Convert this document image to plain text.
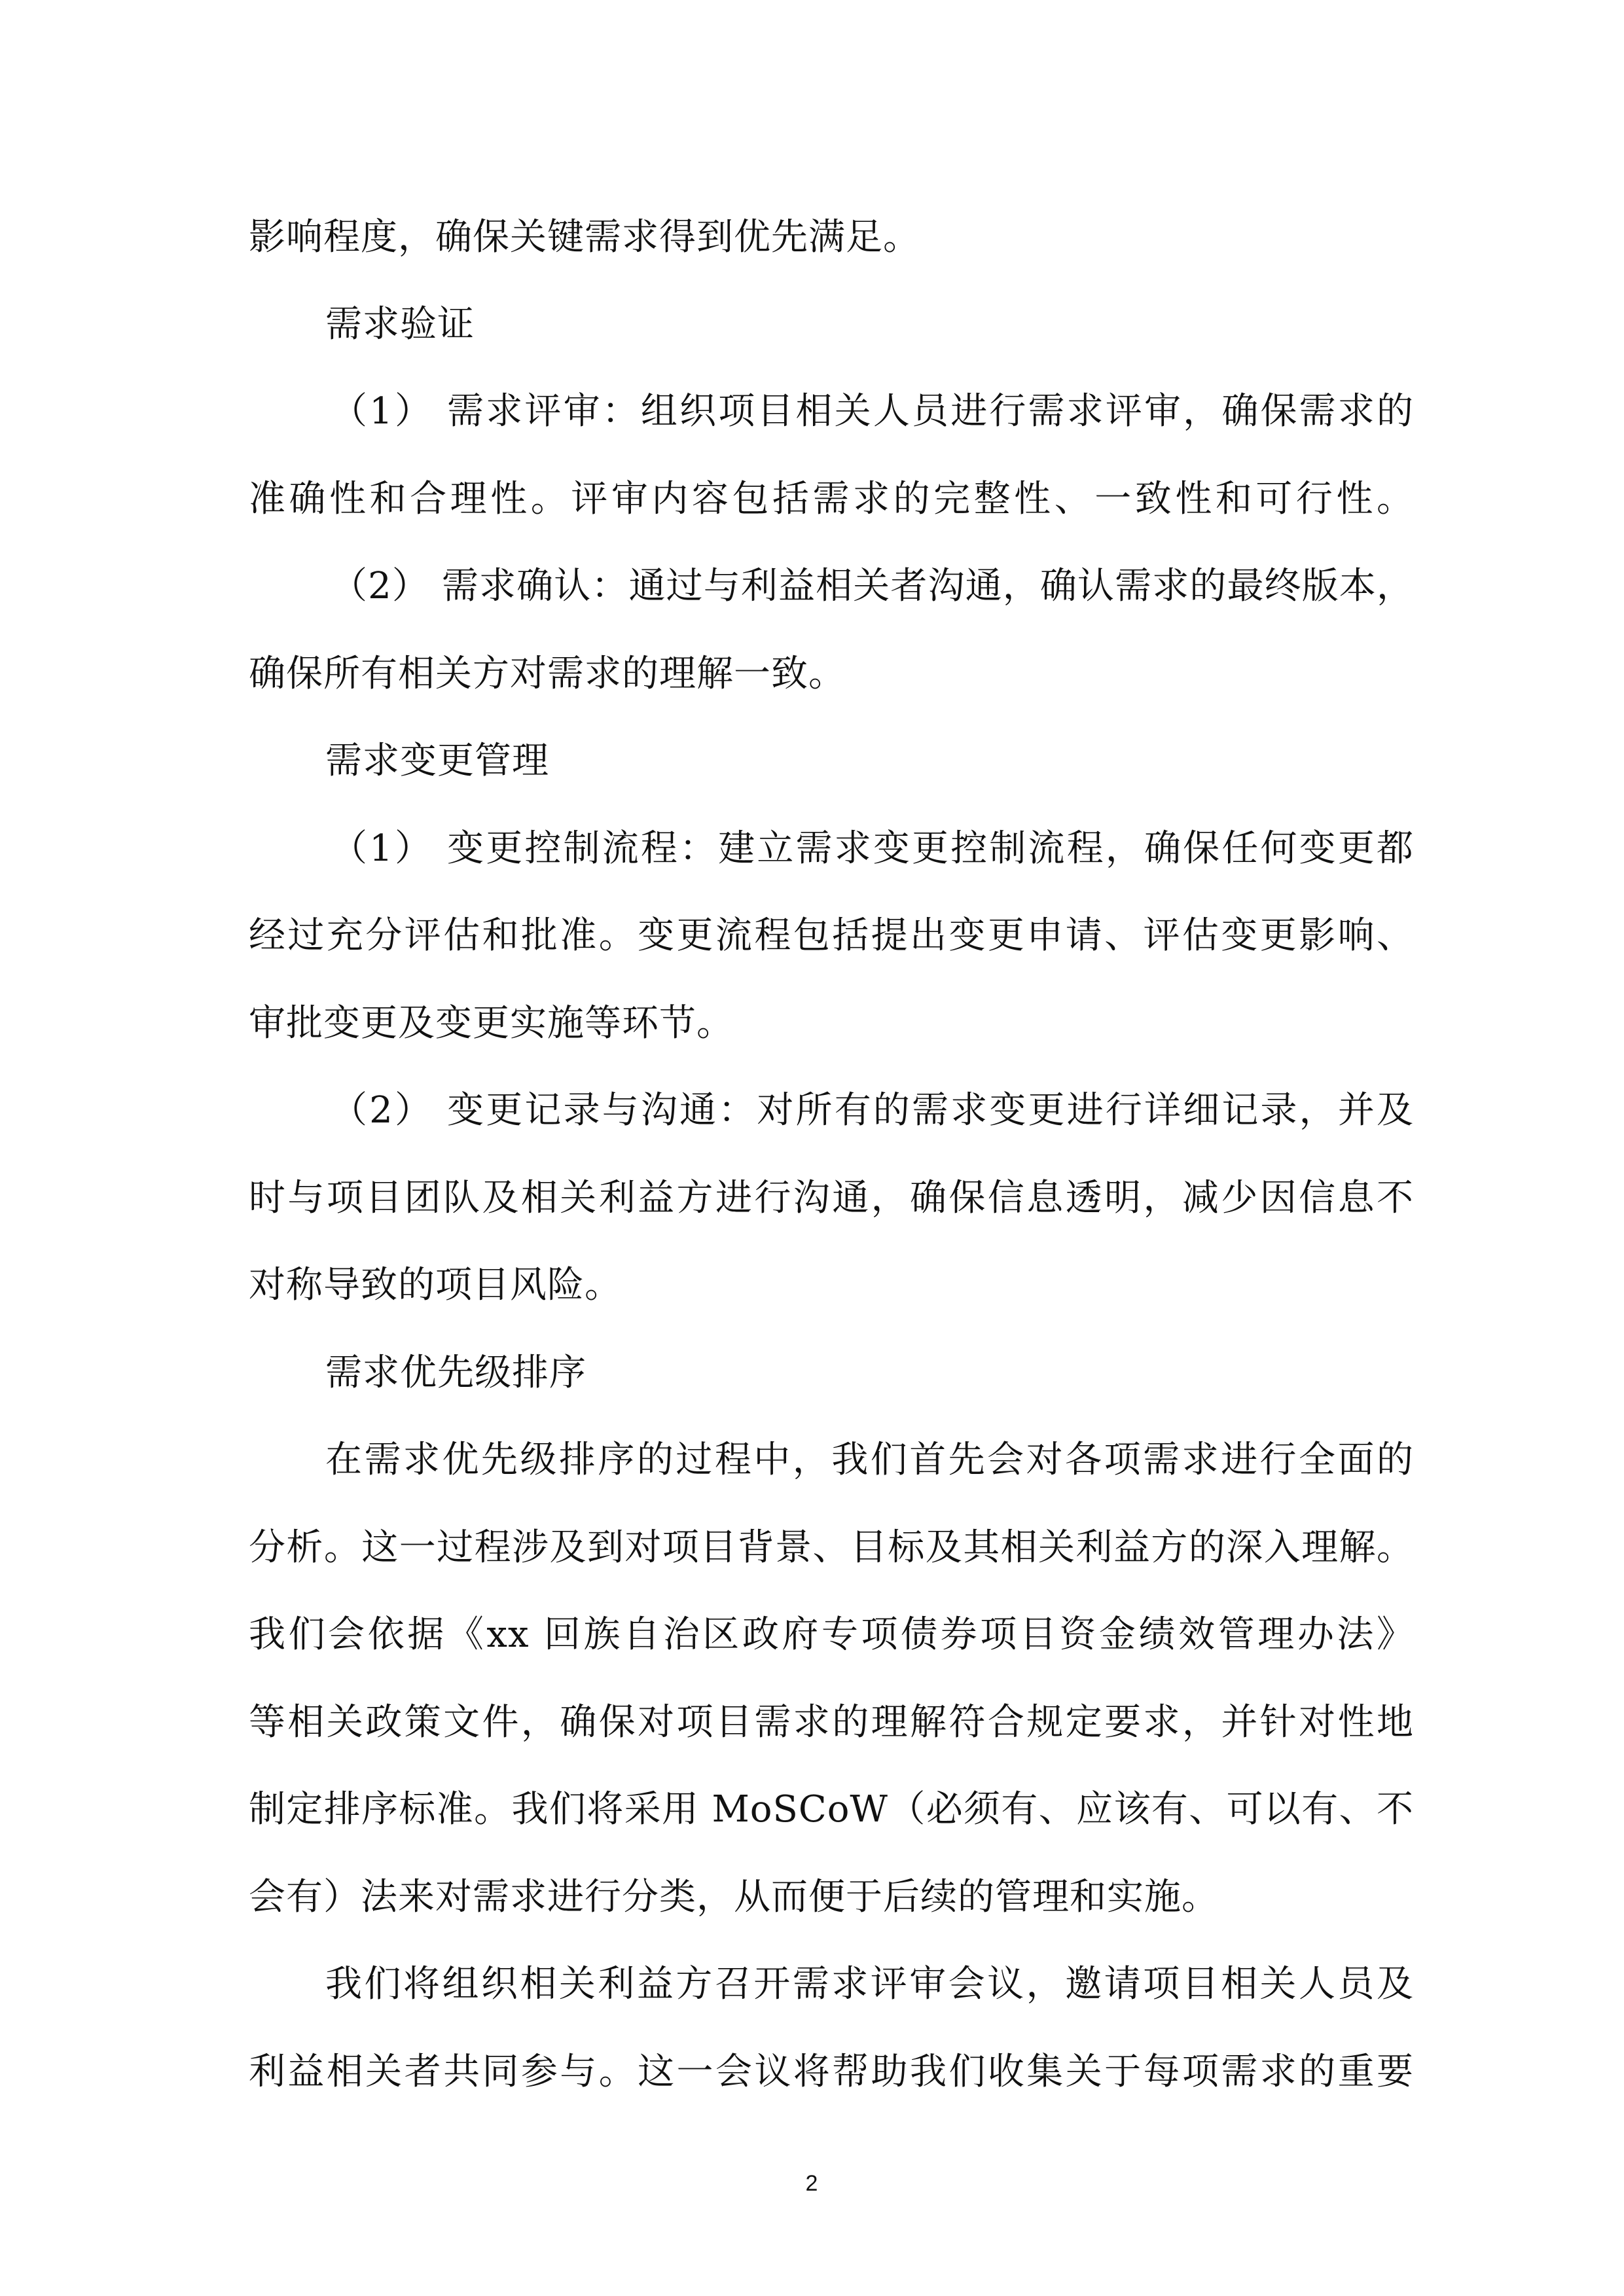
影响程度，确保关键需求得到优先满足。
需求验证
（1） 需求评审：组织项目相关人员进行需求评审，确保需求的
准确性和合理性。评审内容包括需求的完整性、一致性和可行性。
（2） 需求确认：通过与利益相关者沟通，确认需求的最终版本，
确保所有相关方对需求的理解一致。
需求变更管理
（1） 变更控制流程：建立需求变更控制流程，确保任何变更都
经过充分评估和批准。变更流程包括提出变更申请、评估变更影响、
审批变更及变更实施等环节。
（2） 变更记录与沟通：对所有的需求变更进行详细记录，并及
时与项目团队及相关利益方进行沟通，确保信息透明，减少因信息不
对称导致的项目风险。
需求优先级排序
在需求优先级排序的过程中，我们首先会对各项需求进行全面的
分析。这一过程涉及到对项目背景、目标及其相关利益方的深入理解。
我们会依据《xx 回族自治区政府专项债券项目资金绩效管理办法》
等相关政策文件，确保对项目需求的理解符合规定要求，并针对性地
制定排序标准。我们将采用 MoSCoW（必须有、应该有、可以有、不
会有）法来对需求进行分类，从而便于后续的管理和实施。
我们将组织相关利益方召开需求评审会议，邀请项目相关人员及
利益相关者共同参与。这一会议将帮助我们收集关于每项需求的重要
2
